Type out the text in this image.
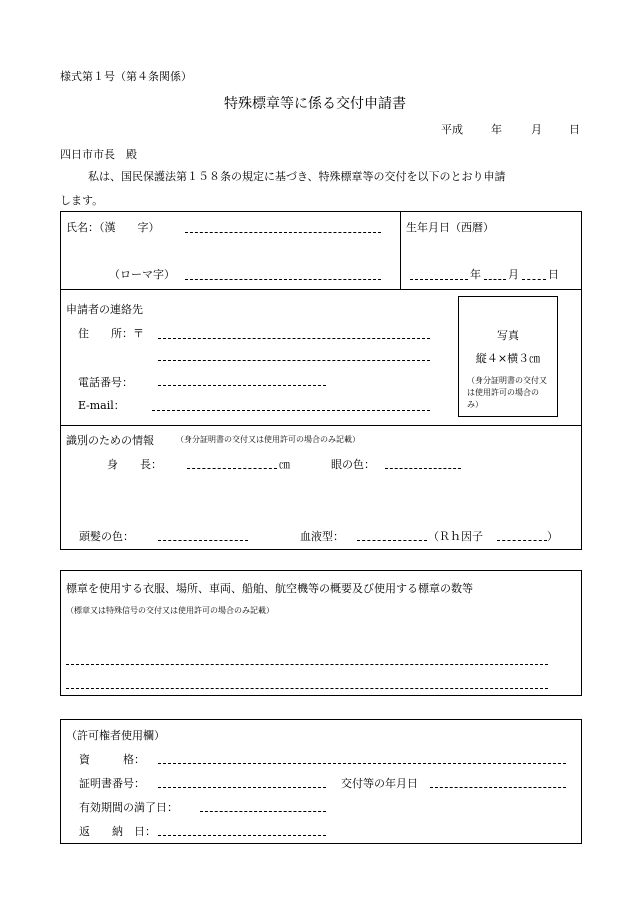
様式第１号（第４条関係）
特殊標章等に係る交付申請書
平成	年	月 日
四日市市長　殿
私は、国民保護法第１５８条の規定に基づき、特殊標章等の交付を以下のとおり申請
します。
氏名：（漢　　字）
（ローマ字）
生年月日（西暦）
年 月	日
申請者の連絡先
住　　所：〒
電話番号：
E‐mail：
写真
縦４×横３㎝
（身分証明書の交付又
は使用許可の場合の
み）
識別のための情報	（身分証明書の交付又は使用許可の場合のみ記載）
身　　長：	㎝	眼の色：
頭髪の色：	血液型：	（Ｒｈ因子	）
標章を使用する衣服、場所、車両、船舶、航空機等の概要及び使用する標章の数等
（標章又は特殊信号の交付又は使用許可の場合のみ記載）
（許可権者使用欄）
資　　　格：
証明書番号：	交付等の年月日
有効期間の満了日：
返　　納　日：
